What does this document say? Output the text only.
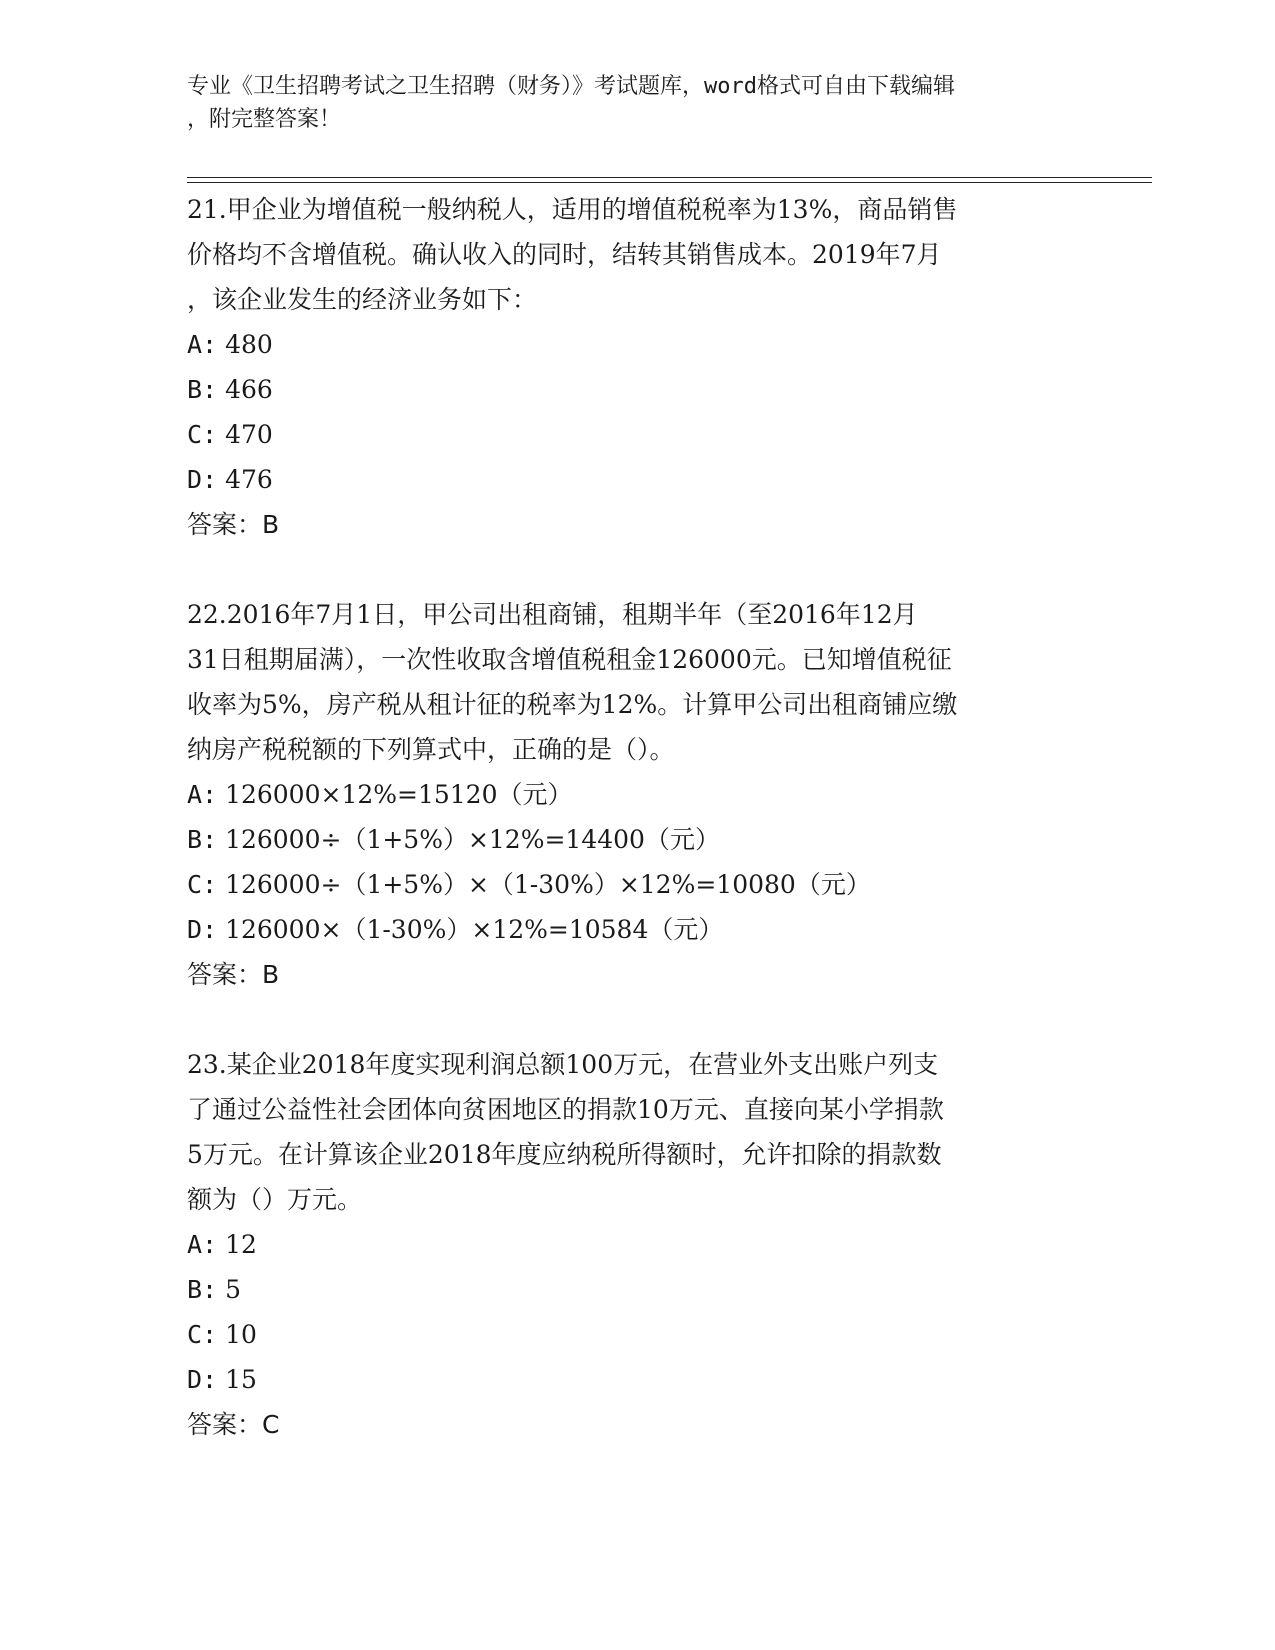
专业《卫生招聘考试之卫生招聘（财务）》考试题库，word格式可自由下载编辑
，附完整答案！
21.甲企业为增值税一般纳税人，适用的增值税税率为13%，商品销售
价格均不含增值税。确认收入的同时，结转其销售成本。2019年7月
，该企业发生的经济业务如下：
A: 480
B: 466
C: 470
D: 476
答案：B
22.2016年7月1日，甲公司出租商铺，租期半年（至2016年12月
31日租期届满），一次性收取含增值税租金126000元。已知增值税征
收率为5%，房产税从租计征的税率为12%。计算甲公司出租商铺应缴
纳房产税税额的下列算式中，正确的是（）。
A: 126000×12%=15120（元）
B: 126000÷（1+5%）×12%=14400（元）
C: 126000÷（1+5%）×（1-30%）×12%=10080（元）
D: 126000×（1-30%）×12%=10584（元）
答案：B
23.某企业2018年度实现利润总额100万元，在营业外支出账户列支
了通过公益性社会团体向贫困地区的捐款10万元、直接向某小学捐款
5万元。在计算该企业2018年度应纳税所得额时，允许扣除的捐款数
额为（）万元。
A: 12
B: 5
C: 10
D: 15
答案：C
